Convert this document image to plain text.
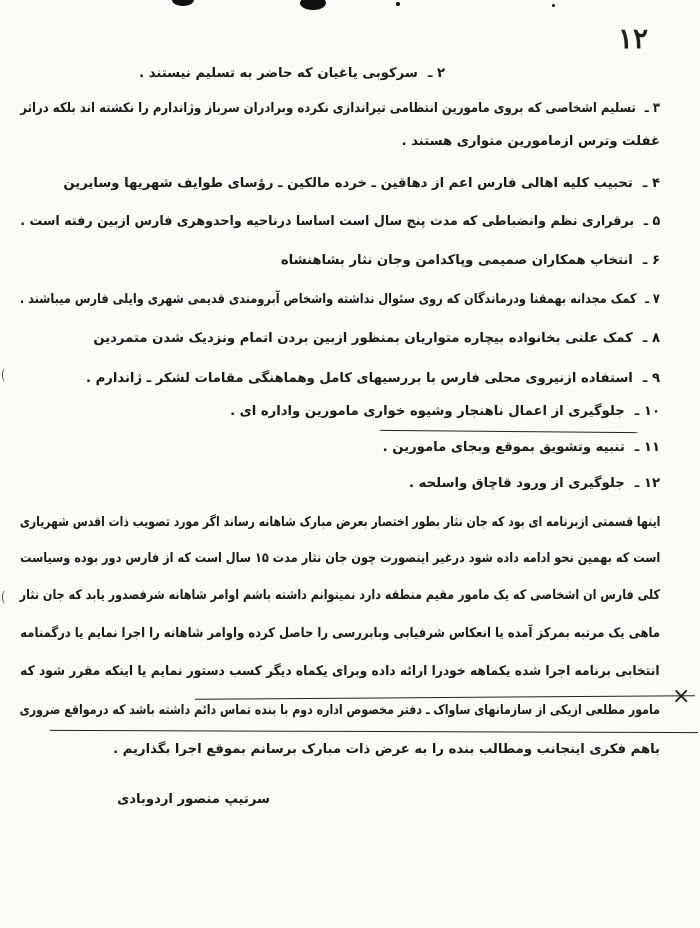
۱۲
۲ ـسرکوبی یاغیان که حاضر به تسلیم نیستند .
۳ ـتسلیم اشخاصی که بروی مامورین انتظامی تیراندازی نکرده وبرادران سرباز وژاندارم را نکشته اند بلکه دراثر
غفلت وترس ازمامورین متواری هستند .
۴ ـتحبیب کلیه اهالی فارس اعم از دهاقین ـ خرده مالکین ـ رؤسای طوایف شهریها وسایرین
۵ ـبرقراری نظم وانضباطی که مدت پنج سال است اساسا درناحیه واحدوهری فارس ازبین رفته است .
۶ ـانتخاب همکاران صمیمی وپاکدامن وجان نثار بشاهنشاه
۷ ـکمک مجدانه بهمقنا ودرماندگان که روی سئوال نداشته واشخاص آبرومندی قدیمی شهری وایلی فارس میباشند .
۸ ـکمک علنی بخانواده بیچاره متواریان بمنظور ازبین بردن اتمام ونزدیک شدن متمردین
۹ ـاستفاده ازنیروی محلی فارس با بررسیهای کامل وهماهنگی مقامات لشکر ـ ژاندارم .
۱۰ ـجلوگیری از اعمال ناهنجار وشیوه خواری مامورین واداره ای .
۱۱ ـتنبیه وتشویق بموقع وبجای مامورین .
۱۲ ـجلوگیری از ورود قاچاق واسلحه .
اینها قسمتی ازبرنامه ای بود که جان نثار بطور اختصار بعرض مبارک شاهانه رساند اگر مورد تصویب ذات اقدس شهریاری
است که بهمین نحو ادامه داده شود درغیر اینصورت چون جان نثار مدت ۱۵ سال است که از فارس دور بوده وسیاست
کلی فارس ان اشخاصی که یک مامور مقیم منطقه دارد نمیتوانم داشته باشم اوامر شاهانه شرفصدور یابد که جان نثار
ماهی یک مرتبه بمرکز آمده یا انعکاس شرفیابی وبابررسی را حاصل کرده واوامر شاهانه را اجرا نمایم یا درگمنامه
انتخابی برنامه اجرا شده یکماهه خودرا ارائه داده وبرای یکماه دیگر کسب دستور نمایم یا اینکه مقرر شود که
مامور مطلعی ازیکی از سازمانهای ساواک ـ دفتر مخصوص اداره دوم با بنده تماس دائم داشته باشد که درمواقع ضروری
باهم فکری اینجانب ومطالب بنده را به عرض ذات مبارک برسانم بموقع اجرا بگذاریم .
×
سرتیپ منصور اردوبادی
